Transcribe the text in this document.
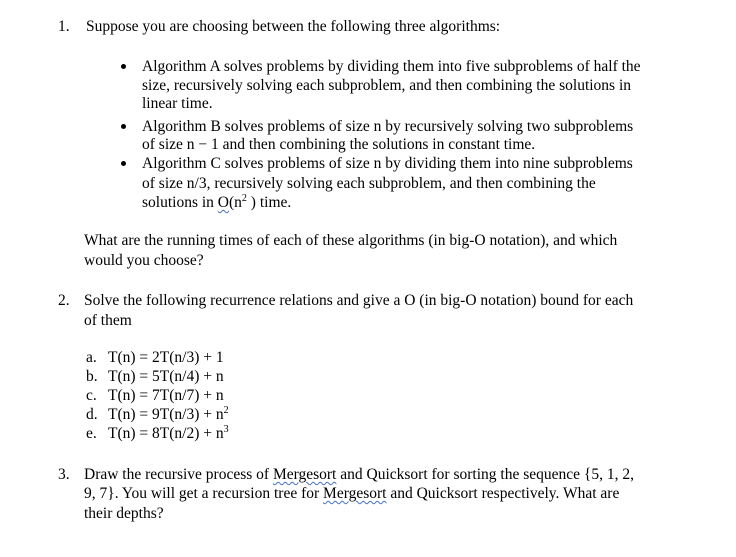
1. Suppose you are choosing between the following three algorithms:
Algorithm A solves problems by dividing them into five subproblems of half the
size, recursively solving each subproblem, and then combining the solutions in
linear time.
Algorithm B solves problems of size n by recursively solving two subproblems
of size n − 1 and then combining the solutions in constant time.
Algorithm C solves problems of size n by dividing them into nine subproblems
of size n/3, recursively solving each subproblem, and then combining the
solutions in $O(n^2$ ) time.
What are the running times of each of these algorithms (in big-O notation), and which
would you choose?
2. Solve the following recurrence relations and give a O (in big-O notation) bound for each
of them
a. T(n) = 2T(n/3) + 1
b. T(n) = 5T(n/4) + n
c. T(n) = 7T(n/7) + n
d. $T(n) = 9T(n/3) + n^2$
e. $T(n) = 8T(n/2) + n^3$
3. Draw the recursive process of Mergesort and Quicksort for sorting the sequence {5, 1, 2,
9, 7}. You will get a recursion tree for Mergesort and Quicksort respectively. What are
their depths?
